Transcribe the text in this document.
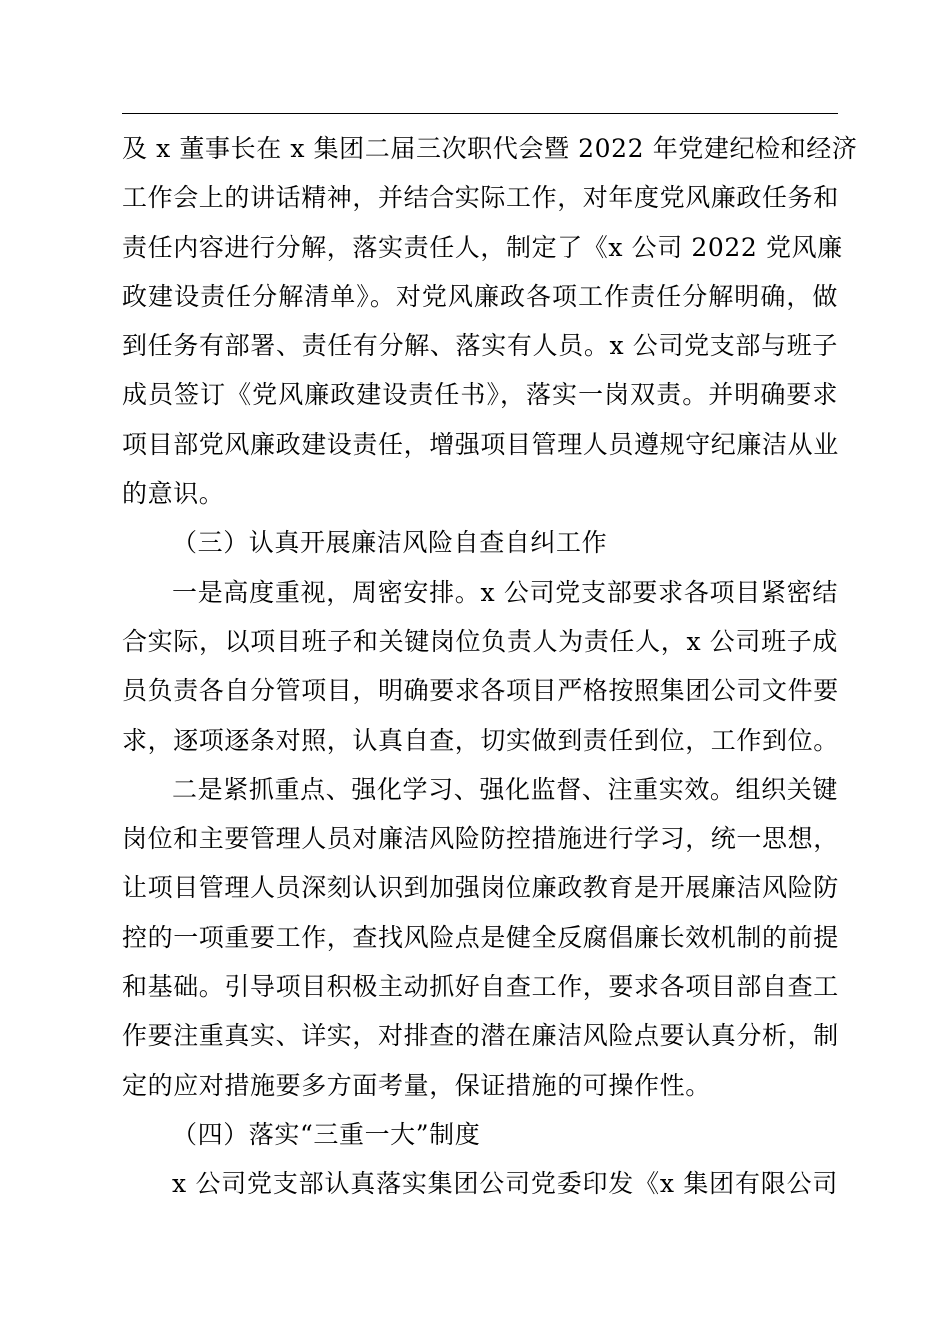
及 x 董事长在 x 集团二届三次职代会暨 2022 年党建纪检和经济
工作会上的讲话精神，并结合实际工作，对年度党风廉政任务和
责任内容进行分解，落实责任人，制定了《x 公司 2022 党风廉
政建设责任分解清单》。对党风廉政各项工作责任分解明确，做
到任务有部署、责任有分解、落实有人员。x 公司党支部与班子
成员签订《党风廉政建设责任书》，落实一岗双责。并明确要求
项目部党风廉政建设责任，增强项目管理人员遵规守纪廉洁从业
的意识。
（三）认真开展廉洁风险自查自纠工作
一是高度重视，周密安排。x 公司党支部要求各项目紧密结
合实际，以项目班子和关键岗位负责人为责任人，x 公司班子成
员负责各自分管项目，明确要求各项目严格按照集团公司文件要
求，逐项逐条对照，认真自查，切实做到责任到位，工作到位。
二是紧抓重点、强化学习、强化监督、注重实效。组织关键
岗位和主要管理人员对廉洁风险防控措施进行学习，统一思想，
让项目管理人员深刻认识到加强岗位廉政教育是开展廉洁风险防
控的一项重要工作，查找风险点是健全反腐倡廉长效机制的前提
和基础。引导项目积极主动抓好自查工作，要求各项目部自查工
作要注重真实、详实，对排查的潜在廉洁风险点要认真分析，制
定的应对措施要多方面考量，保证措施的可操作性。
（四）落实“三重一大”制度
x 公司党支部认真落实集团公司党委印发《x 集团有限公司
